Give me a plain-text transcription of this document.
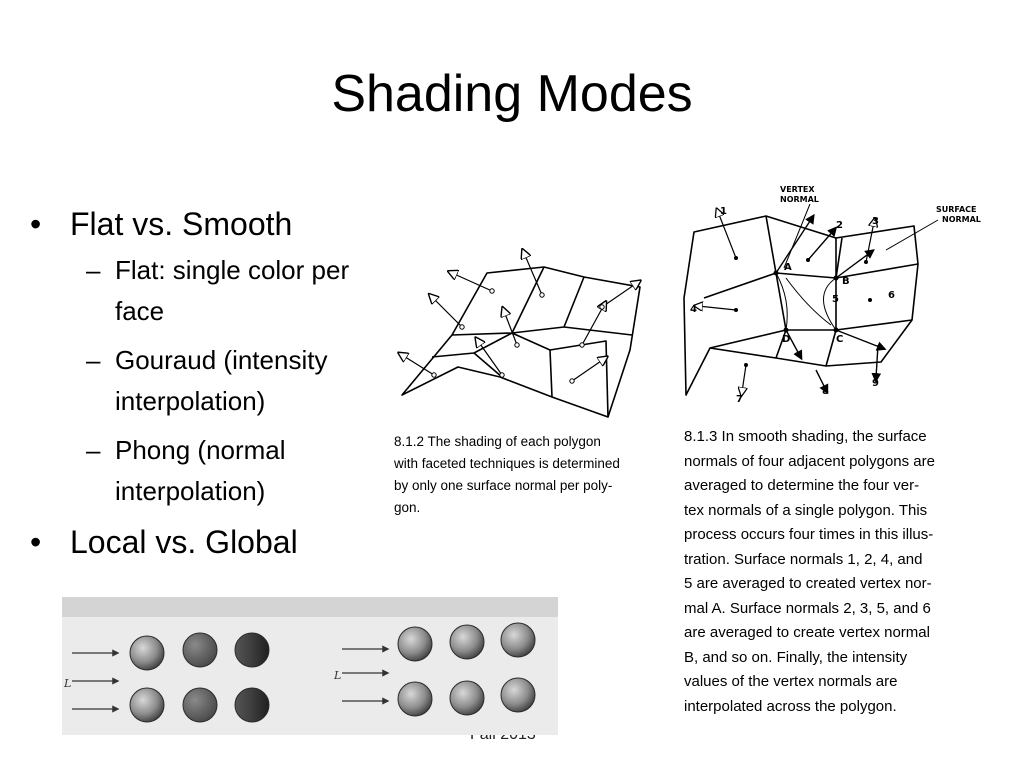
Shading Modes
• Flat vs. Smooth
– Flat: single color per
face
– Gouraud (intensity
interpolation)
– Phong (normal
interpolation)
• Local vs. Global
8.1.2 The shading of each polygon
with faceted techniques is determined
by only one surface normal per poly-
gon.
VERTEX
NORMAL
SURFACE
NORMAL
1
2	3
4
5	6
7
8
9
A
B
C
D
8.1.3 In smooth shading, the surface
normals of four adjacent polygons are
averaged to determine the four ver-
tex normals of a single polygon. This
process occurs four times in this illus-
tration. Surface normals 1, 2, 4, and
5 are averaged to created vertex nor-
mal A. Surface normals 2, 3, 5, and 6
are averaged to create vertex normal
B, and so on. Finally, the intensity
values of the vertex normals are
interpolated across the polygon.
L
L
